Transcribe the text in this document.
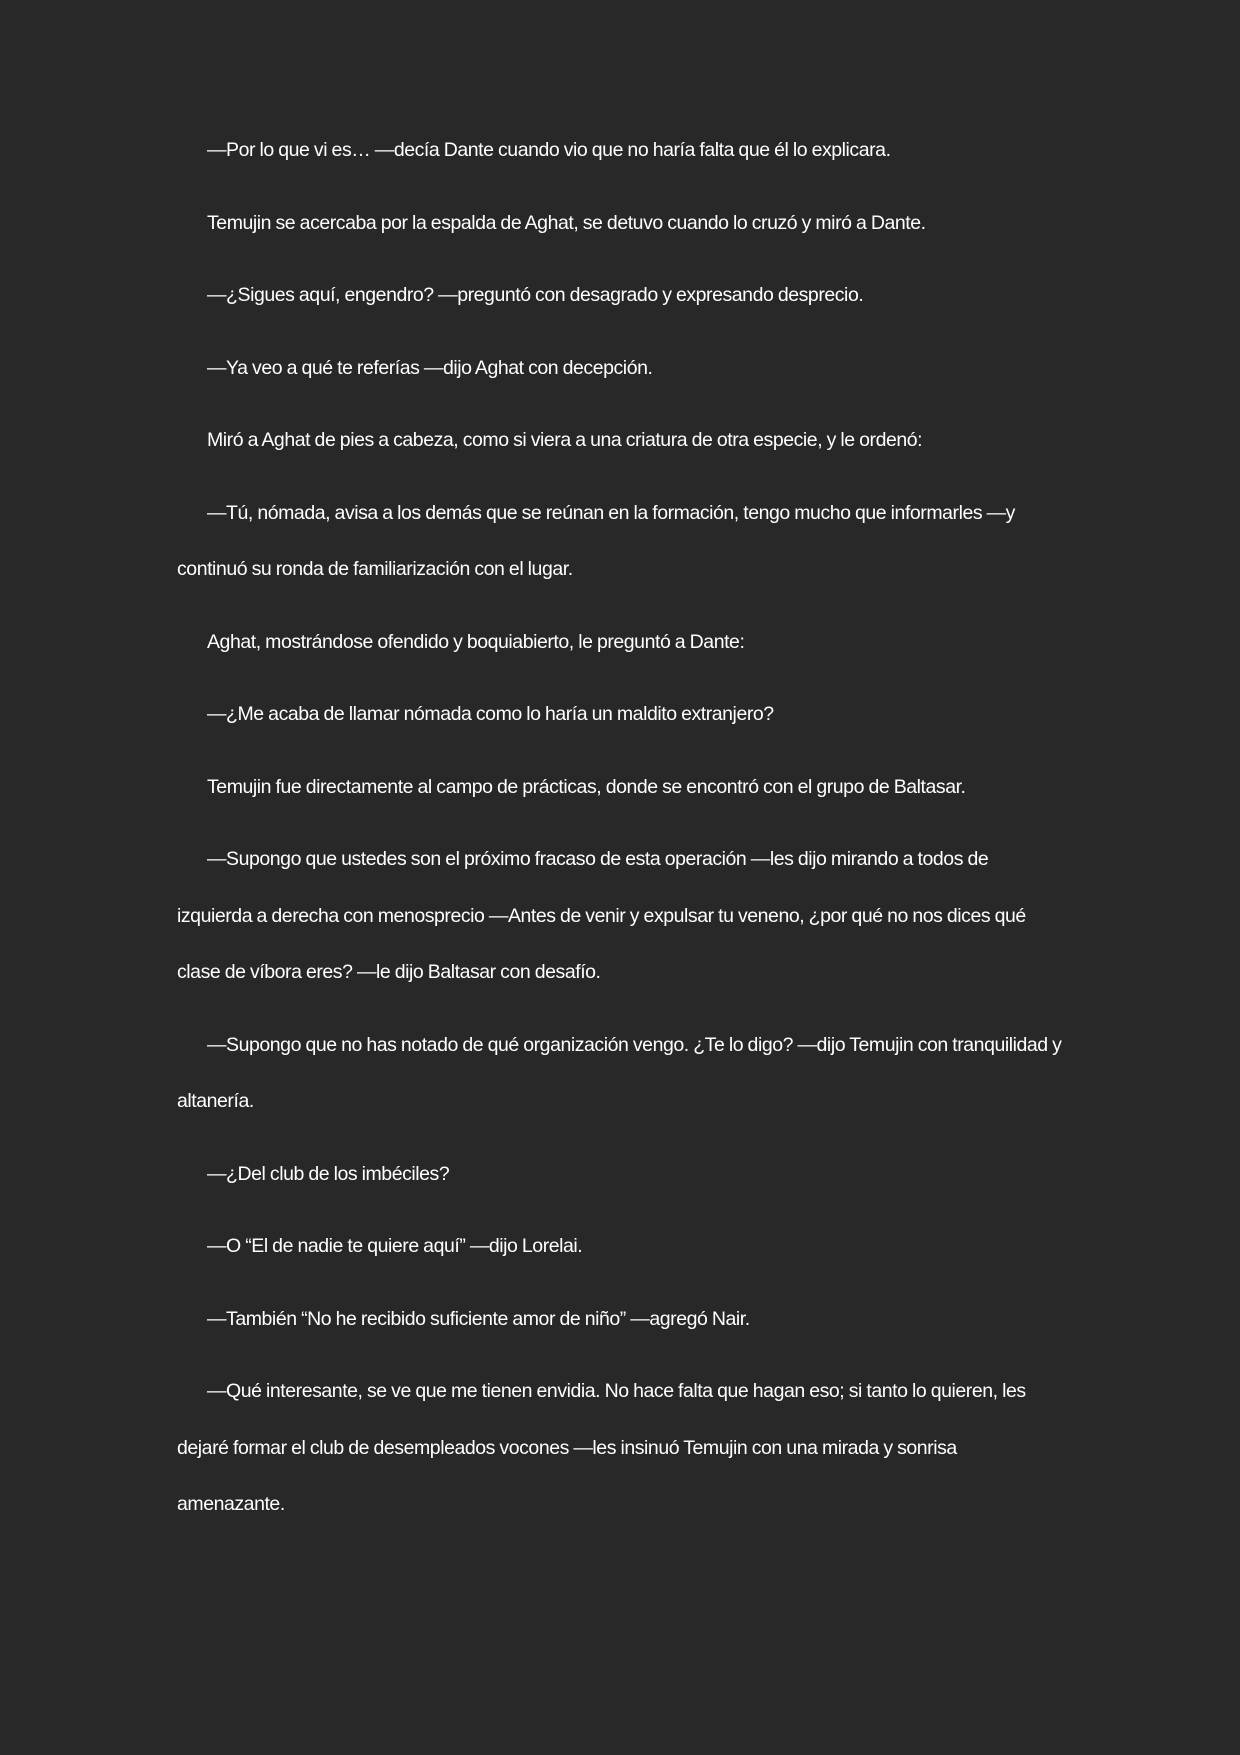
—Por lo que vi es… —decía Dante cuando vio que no haría falta que él lo explicara.

Temujin se acercaba por la espalda de Aghat, se detuvo cuando lo cruzó y miró a Dante.

—¿Sigues aquí, engendro? —preguntó con desagrado y expresando desprecio.

—Ya veo a qué te referías —dijo Aghat con decepción.

Miró a Aghat de pies a cabeza, como si viera a una criatura de otra especie, y le ordenó:

—Tú, nómada, avisa a los demás que se reúnan en la formación, tengo mucho que informarles —y continuó su ronda de familiarización con el lugar.

Aghat, mostrándose ofendido y boquiabierto, le preguntó a Dante:

—¿Me acaba de llamar nómada como lo haría un maldito extranjero?

Temujin fue directamente al campo de prácticas, donde se encontró con el grupo de Baltasar.

—Supongo que ustedes son el próximo fracaso de esta operación —les dijo mirando a todos de izquierda a derecha con menosprecio —Antes de venir y expulsar tu veneno, ¿por qué no nos dices qué clase de víbora eres? —le dijo Baltasar con desafío.

—Supongo que no has notado de qué organización vengo. ¿Te lo digo? —dijo Temujin con tranquilidad y altanería.

—¿Del club de los imbéciles?

—O “El de nadie te quiere aquí” —dijo Lorelai.

—También “No he recibido suficiente amor de niño” —agregó Nair.

—Qué interesante, se ve que me tienen envidia. No hace falta que hagan eso; si tanto lo quieren, les dejaré formar el club de desempleados vocones —les insinuó Temujin con una mirada y sonrisa amenazante.
